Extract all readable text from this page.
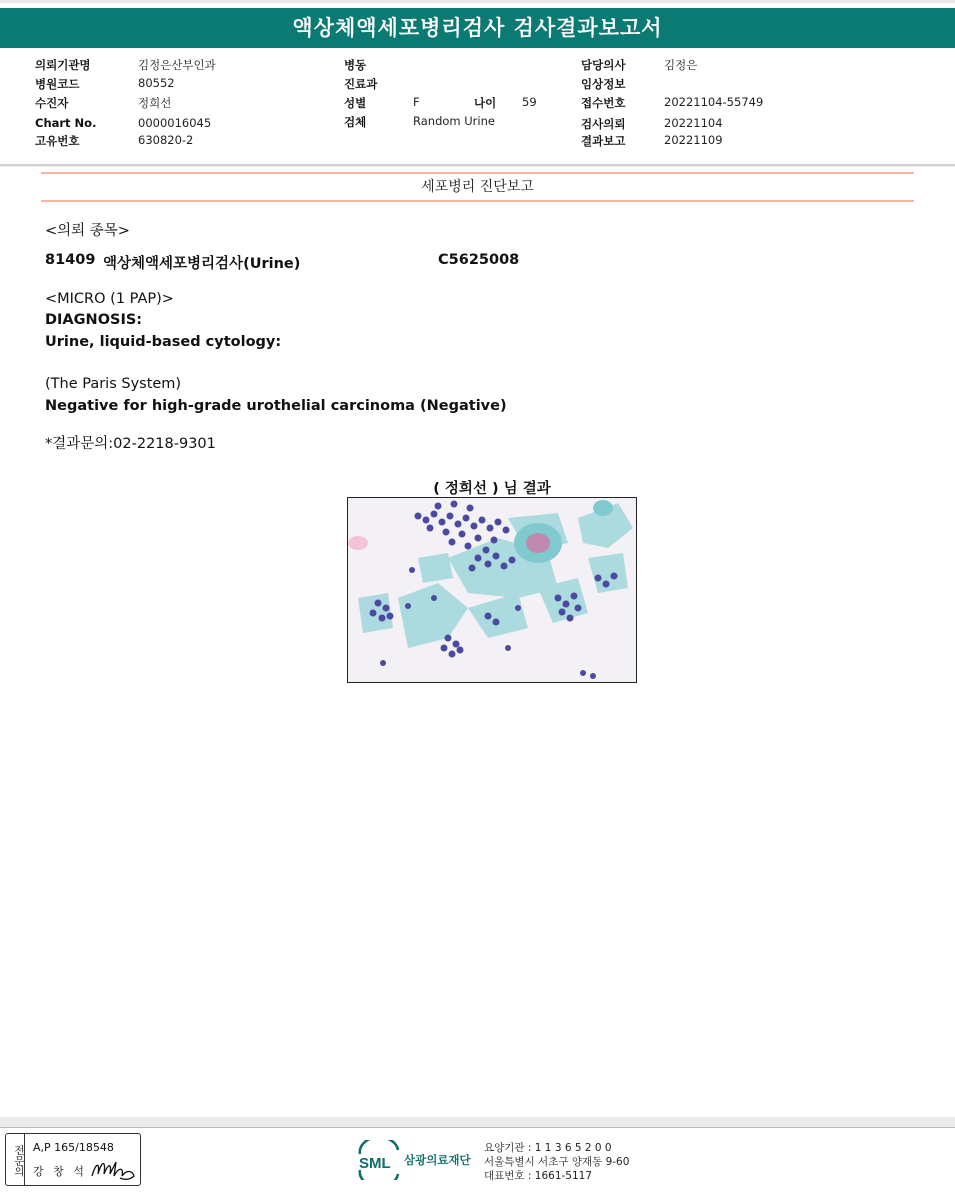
액상체액세포병리검사 검사결과보고서
의뢰기관명	김정은산부인과
병원코드	80552
수진자	정희선
Chart No.	0000016045
고유번호	630820-2
병동
진료과
성별	F	나이 59
검체	Random Urine
담당의사	김정은
임상정보
접수번호	20221104-55749
검사의뢰	20221104
결과보고	20221109
세포병리 진단보고
<의뢰 종목>
81409 액상체액세포병리검사(Urine)	C5625008
<MICRO (1 PAP)>
DIAGNOSIS:
Urine, liquid-based cytology:
(The Paris System)
Negative for high-grade urothelial carcinoma (Negative)
*결과문의:02-2218-9301
( 정희선 ) 님 결과
전문의 A,P 165/18548
강 창 석	SML 삼광의료재단
요양기관 : 1 1 3 6 5 2 0 0
서울특별시 서초구 양재동 9-60
대표번호 : 1661-5117
